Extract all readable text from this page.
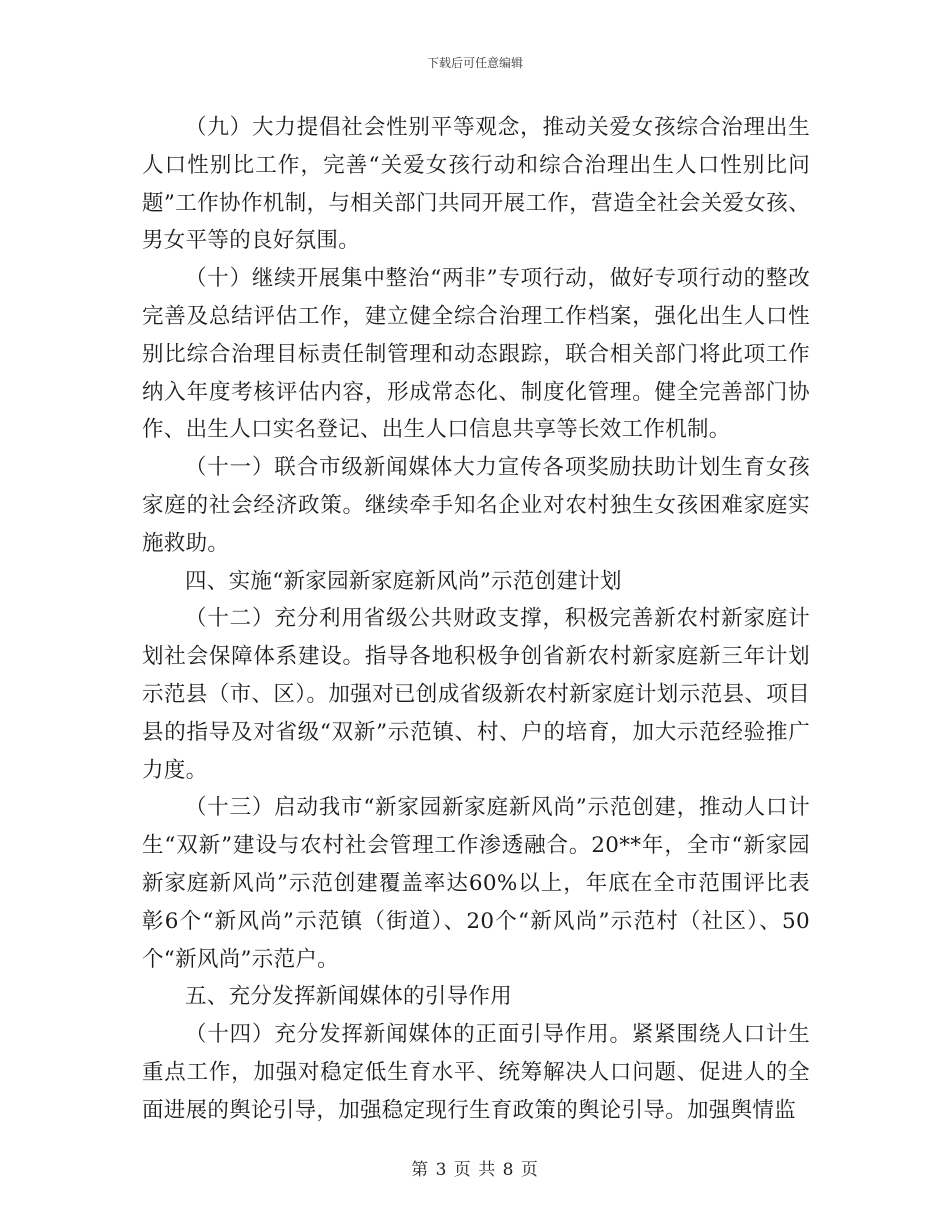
下载后可任意编辑

（九）大力提倡社会性别平等观念，推动关爱女孩综合治理出生人口性别比工作，完善“关爱女孩行动和综合治理出生人口性别比问题”工作协作机制，与相关部门共同开展工作，营造全社会关爱女孩、男女平等的良好氛围。

（十）继续开展集中整治“两非”专项行动，做好专项行动的整改完善及总结评估工作，建立健全综合治理工作档案，强化出生人口性别比综合治理目标责任制管理和动态跟踪，联合相关部门将此项工作纳入年度考核评估内容，形成常态化、制度化管理。健全完善部门协作、出生人口实名登记、出生人口信息共享等长效工作机制。

（十一）联合市级新闻媒体大力宣传各项奖励扶助计划生育女孩家庭的社会经济政策。继续牵手知名企业对农村独生女孩困难家庭实施救助。

四、实施“新家园新家庭新风尚”示范创建计划

（十二）充分利用省级公共财政支撑，积极完善新农村新家庭计划社会保障体系建设。指导各地积极争创省新农村新家庭新三年计划示范县（市、区）。加强对已创成省级新农村新家庭计划示范县、项目县的指导及对省级“双新”示范镇、村、户的培育，加大示范经验推广力度。

（十三）启动我市“新家园新家庭新风尚”示范创建，推动人口计生“双新”建设与农村社会管理工作渗透融合。20**年，全市“新家园新家庭新风尚”示范创建覆盖率达60%以上，年底在全市范围评比表彰6个“新风尚”示范镇（街道）、20个“新风尚”示范村（社区）、50个“新风尚”示范户。

五、充分发挥新闻媒体的引导作用

（十四）充分发挥新闻媒体的正面引导作用。紧紧围绕人口计生重点工作，加强对稳定低生育水平、统筹解决人口问题、促进人的全面进展的舆论引导，加强稳定现行生育政策的舆论引导。加强舆情监

第 3 页 共 8 页
